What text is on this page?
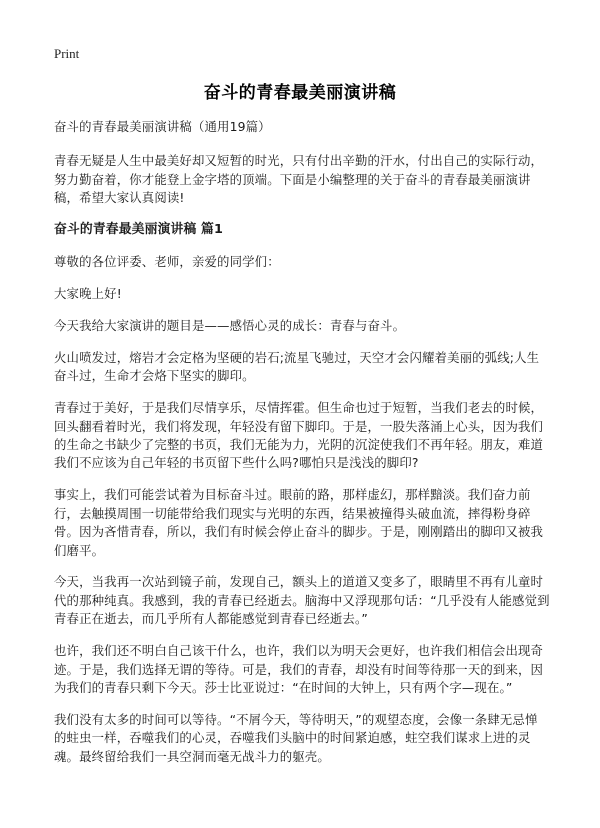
Print
奋斗的青春最美丽演讲稿

奋斗的青春最美丽演讲稿（通用19篇）

青春无疑是人生中最美好却又短暂的时光，只有付出辛勤的汗水，付出自己的实际行动，努力勤奋着，你才能登上金字塔的顶端。下面是小编整理的关于奋斗的青春最美丽演讲稿，希望大家认真阅读!

奋斗的青春最美丽演讲稿 篇1

尊敬的各位评委、老师，亲爱的同学们：

大家晚上好!

今天我给大家演讲的题目是——感悟心灵的成长：青春与奋斗。

火山喷发过，熔岩才会定格为坚硬的岩石;流星飞驰过，天空才会闪耀着美丽的弧线;人生奋斗过，生命才会烙下坚实的脚印。

青春过于美好，于是我们尽情享乐，尽情挥霍。但生命也过于短暂，当我们老去的时候，回头翻看着时光，我们将发现，年轻没有留下脚印。于是，一股失落涌上心头，因为我们的生命之书缺少了完整的书页，我们无能为力，光阴的沉淀使我们不再年轻。朋友，难道我们不应该为自己年轻的书页留下些什么吗?哪怕只是浅浅的脚印?

事实上，我们可能尝试着为目标奋斗过。眼前的路，那样虚幻，那样黯淡。我们奋力前行，去触摸周围一切能带给我们现实与光明的东西，结果被撞得头破血流，摔得粉身碎骨。因为吝惜青春，所以，我们有时候会停止奋斗的脚步。于是，刚刚踏出的脚印又被我们磨平。

今天，当我再一次站到镜子前，发现自己，额头上的道道又变多了，眼睛里不再有儿童时代的那种纯真。我感到，我的青春已经逝去。脑海中又浮现那句话：“几乎没有人能感觉到青春正在逝去，而几乎所有人都能感觉到青春已经逝去。”

也许，我们还不明白自己该干什么，也许，我们以为明天会更好，也许我们相信会出现奇迹。于是，我们选择无谓的等待。可是，我们的青春，却没有时间等待那一天的到来，因为我们的青春只剩下今天。莎士比亚说过：“在时间的大钟上，只有两个字—现在。”

我们没有太多的时间可以等待。“不屑今天，等待明天，”的观望态度，会像一条肆无忌惮的蛀虫一样，吞噬我们的心灵，吞噬我们头脑中的时间紧迫感，蛀空我们谋求上进的灵魂。最终留给我们一具空洞而毫无战斗力的躯壳。
